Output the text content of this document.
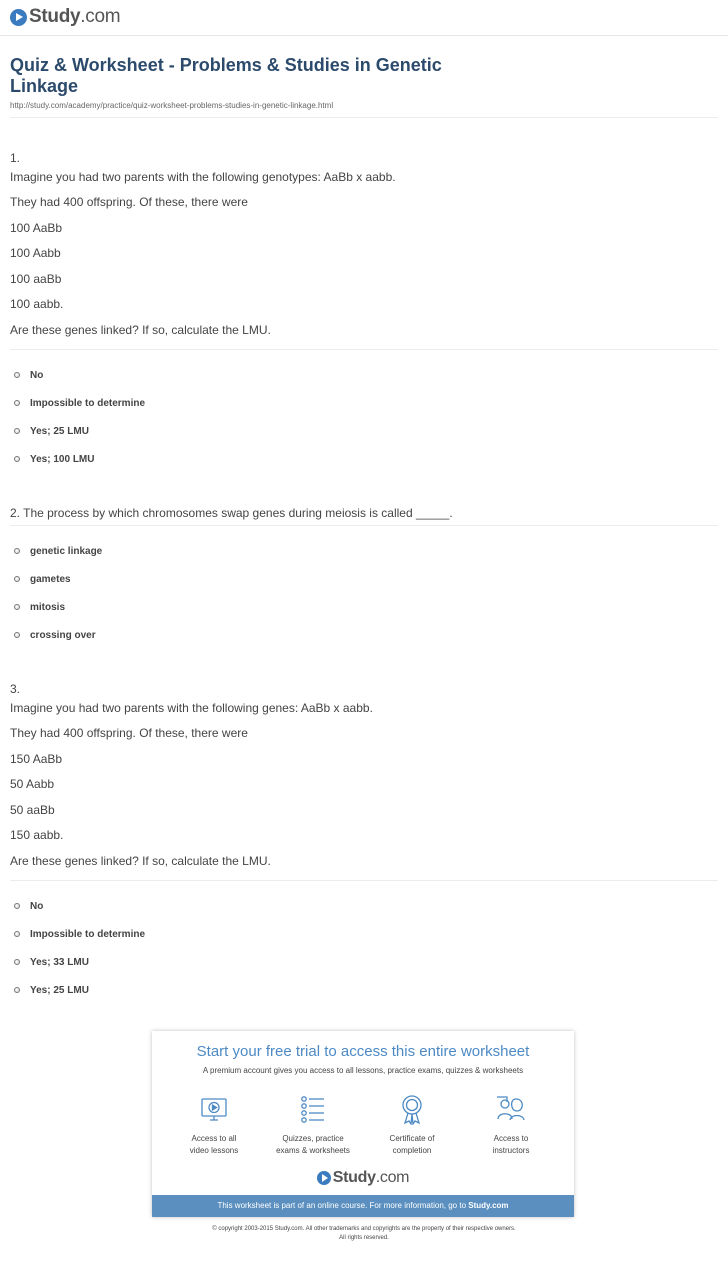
Study.com
Quiz & Worksheet - Problems & Studies in Genetic Linkage
http://study.com/academy/practice/quiz-worksheet-problems-studies-in-genetic-linkage.html
1.
Imagine you had two parents with the following genotypes: AaBb x aabb.
They had 400 offspring. Of these, there were
100 AaBb
100 Aabb
100 aaBb
100 aabb.
Are these genes linked? If so, calculate the LMU.
No
Impossible to determine
Yes; 25 LMU
Yes; 100 LMU
2. The process by which chromosomes swap genes during meiosis is called _____.
genetic linkage
gametes
mitosis
crossing over
3.
Imagine you had two parents with the following genes: AaBb x aabb.
They had 400 offspring. Of these, there were
150 AaBb
50 Aabb
50 aaBb
150 aabb.
Are these genes linked? If so, calculate the LMU.
No
Impossible to determine
Yes; 33 LMU
Yes; 25 LMU
Start your free trial to access this entire worksheet
A premium account gives you access to all lessons, practice exams, quizzes & worksheets
Access to all
video lessons
Quizzes, practice
exams & worksheets
Certificate of
completion
Access to
instructors
Study.com
This worksheet is part of an online course. For more information, go to Study.com
© copyright 2003-2015 Study.com. All other trademarks and copyrights are the property of their respective owners.
All rights reserved.
